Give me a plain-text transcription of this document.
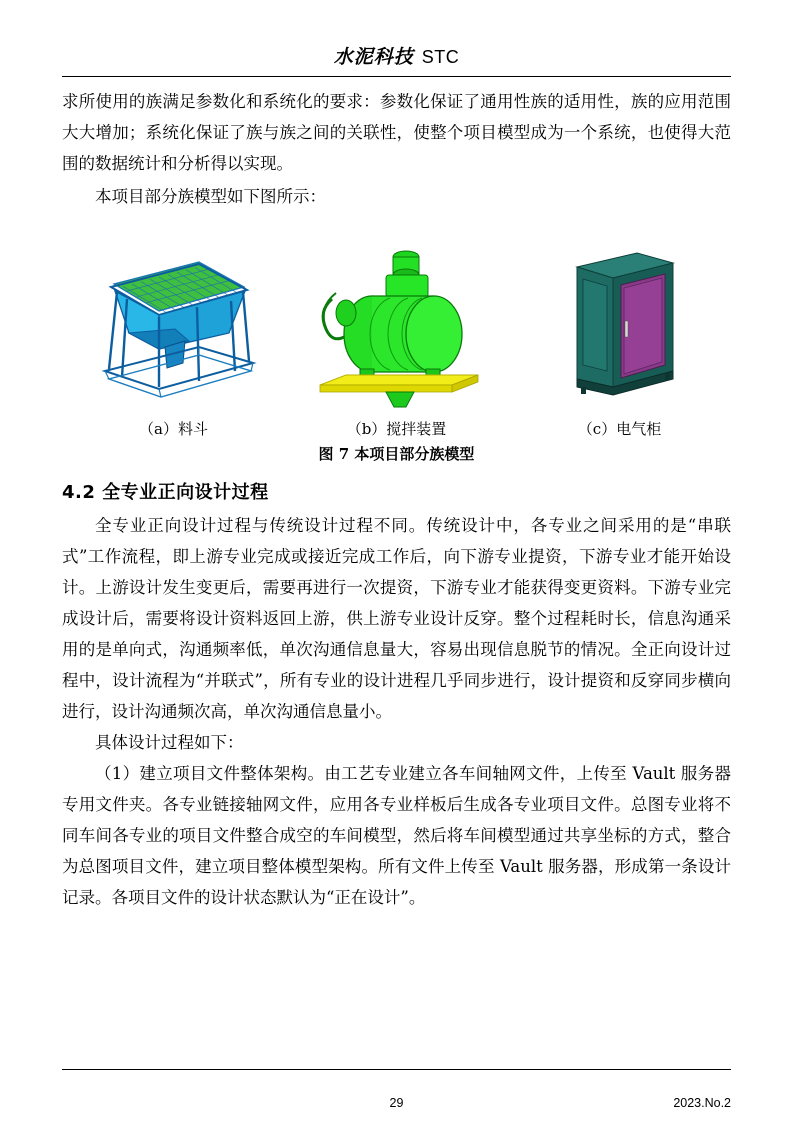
水泥科技 STC

求所使用的族满足参数化和系统化的要求：参数化保证了通用性族的适用性，族的应用范围大大增加；系统化保证了族与族之间的关联性，使整个项目模型成为一个系统，也使得大范围的数据统计和分析得以实现。

本项目部分族模型如下图所示：

（a）料斗	（b）搅拌装置	（c）电气柜
图 7 本项目部分族模型
4.2 全专业正向设计过程

全专业正向设计过程与传统设计过程不同。传统设计中，各专业之间采用的是“串联式”工作流程，即上游专业完成或接近完成工作后，向下游专业提资，下游专业才能开始设计。上游设计发生变更后，需要再进行一次提资，下游专业才能获得变更资料。下游专业完成设计后，需要将设计资料返回上游，供上游专业设计反穿。整个过程耗时长，信息沟通采用的是单向式，沟通频率低，单次沟通信息量大，容易出现信息脱节的情况。全正向设计过程中，设计流程为“并联式”，所有专业的设计进程几乎同步进行，设计提资和反穿同步横向进行，设计沟通频次高，单次沟通信息量小。

具体设计过程如下：

（1）建立项目文件整体架构。由工艺专业建立各车间轴网文件，上传至 Vault 服务器专用文件夹。各专业链接轴网文件，应用各专业样板后生成各专业项目文件。总图专业将不同车间各专业的项目文件整合成空的车间模型，然后将车间模型通过共享坐标的方式，整合为总图项目文件，建立项目整体模型架构。所有文件上传至 Vault 服务器，形成第一条设计记录。各项目文件的设计状态默认为“正在设计”。

29	2023.No.2
